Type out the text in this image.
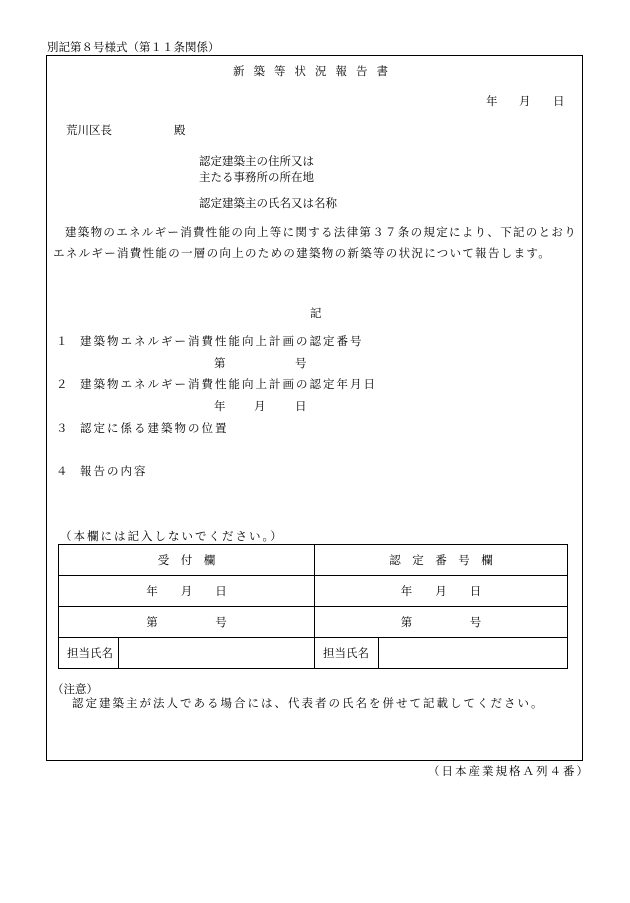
別記第８号様式（第１１条関係）
新築等状況報告書
年 月 日
荒川区長	殿
認定建築主の住所又は
主たる事務所の所在地
認定建築主の氏名又は名称
建築物のエネルギー消費性能の向上等に関する法律第３７条の規定により、下記のとおりエネルギー消費性能の一層の向上のための建築物の新築等の状況について報告します。
記
１ 建築物エネルギー消費性能向上計画の認定番号
第	号
２ 建築物エネルギー消費性能向上計画の認定年月日
年 月	日
３ 認定に係る建築物の位置
４ 報告の内容
（本欄には記入しないでください。）
受　付　欄		認　定　番　号　欄	
年   月   日		年   月   日	
第      号		第      号	
担当氏名		担当氏名	
（注意）
認定建築主が法人である場合には、代表者の氏名を併せて記載してください。
（日本産業規格Ａ列４番）
